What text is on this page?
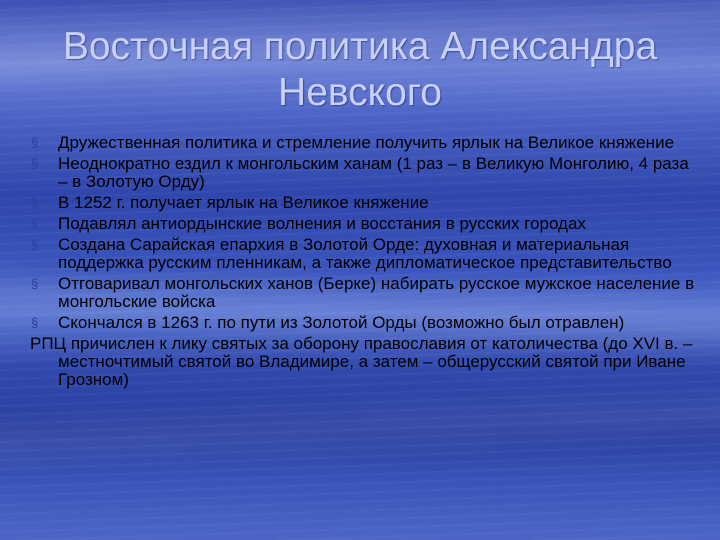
Восточная политика Александра Невского
§	Дружественная политика и стремление получить ярлык на Великое княжение
§	Неоднократно ездил к монгольским ханам (1 раз – в Великую Монголию, 4 раза – в Золотую Орду)
§	В 1252 г. получает ярлык на Великое княжение
§	Подавлял антиордынские волнения и восстания в русских городах
§	Создана Сарайская епархия в Золотой Орде: духовная и материальная поддержка русским пленникам, а также дипломатическое представительство
§	Отговаривал монгольских ханов (Берке) набирать русское мужское население в монгольские войска
§	Скончался в 1263 г. по пути из Золотой Орды (возможно был отравлен)
РПЦ причислен к лику святых за оборону православия от католичества (до XVI в. – местночтимый святой во Владимире, а затем – общерусский святой при Иване Грозном)
